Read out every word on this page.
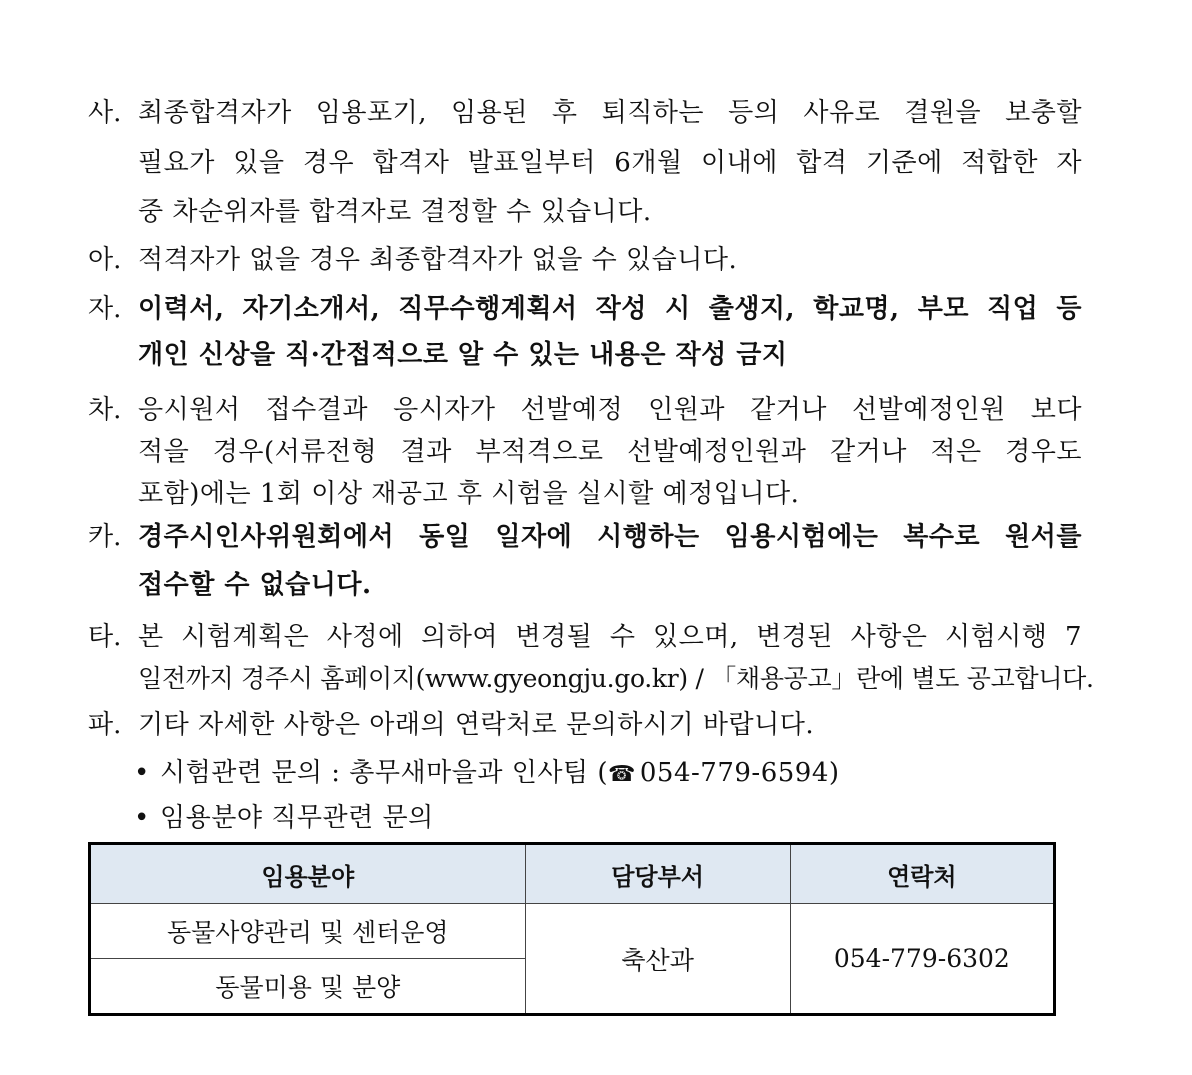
사. 최종합격자가 임용포기, 임용된 후 퇴직하는 등의 사유로 결원을 보충할
필요가 있을 경우 합격자 발표일부터 6개월 이내에 합격 기준에 적합한 자
중 차순위자를 합격자로 결정할 수 있습니다.
아. 적격자가 없을 경우 최종합격자가 없을 수 있습니다.
자. 이력서, 자기소개서, 직무수행계획서 작성 시 출생지, 학교명, 부모 직업 등
개인 신상을 직·간접적으로 알 수 있는 내용은 작성 금지
차. 응시원서 접수결과 응시자가 선발예정 인원과 같거나 선발예정인원 보다
적을 경우(서류전형 결과 부적격으로 선발예정인원과 같거나 적은 경우도
포함)에는 1회 이상 재공고 후 시험을 실시할 예정입니다.
카. 경주시인사위원회에서 동일 일자에 시행하는 임용시험에는 복수로 원서를
접수할 수 없습니다.
타. 본 시험계획은 사정에 의하여 변경될 수 있으며, 변경된 사항은 시험시행 7
일전까지 경주시 홈페이지(www.gyeongju.go.kr) / 「채용공고」란에 별도 공고합니다.
파. 기타 자세한 사항은 아래의 연락처로 문의하시기 바랍니다.
• 시험관련 문의 : 총무새마을과 인사팀 (☎ 054-779-6594)
• 임용분야 직무관련 문의
임용분야	담당부서	연락처
동물사양관리 및 센터운영	축산과	054-779-6302
동물미용 및 분양		
